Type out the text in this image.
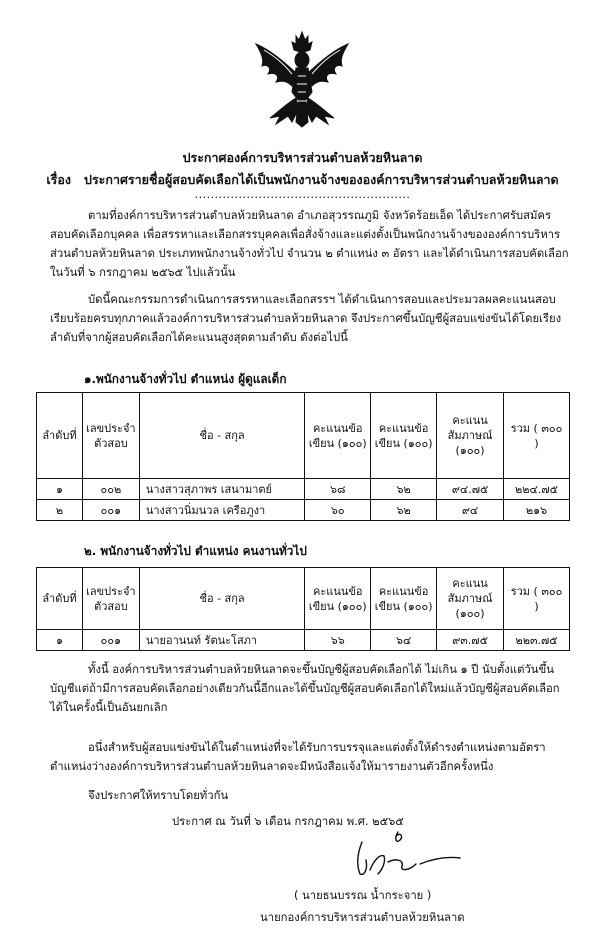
ประกาศองค์การบริหารส่วนตำบลห้วยหินลาด
เรื่อง ประกาศรายชื่อผู้สอบคัดเลือกได้เป็นพนักงานจ้างขององค์การบริหารส่วนตำบลห้วยหินลาด
......................................................

ตามที่องค์การบริหารส่วนตำบลห้วยหินลาด อำเภอสุวรรณภูมิ จังหวัดร้อยเอ็ด ได้ประกาศรับสมัครสอบคัดเลือกบุคคล เพื่อสรรหาและเลือกสรรบุคคลเพื่อสั่งจ้างและแต่งตั้งเป็นพนักงานจ้างขององค์การบริหารส่วนตำบลห้วยหินลาด ประเภทพนักงานจ้างทั่วไป จำนวน ๒ ตำแหน่ง ๓ อัตรา และได้ดำเนินการสอบคัดเลือกในวันที่ ๖ กรกฎาคม ๒๕๖๕ ไปแล้วนั้น

บัดนี้คณะกรรมการดำเนินการสรรหาและเลือกสรรฯ ได้ดำเนินการสอบและประมวลผลคะแนนสอบเรียบร้อยครบทุกภาคแล้วองค์การบริหารส่วนตำบลห้วยหินลาด จึงประกาศขึ้นบัญชีผู้สอบแข่งขันได้โดยเรียงลำดับที่จากผู้สอบคัดเลือกได้คะแนนสูงสุดตามลำดับ ดังต่อไปนี้

๑.พนักงานจ้างทั่วไป ตำแหน่ง ผู้ดูแลเด็ก
ลำดับที่	เลขประจำตัวสอบ	ชื่อ - สกุล	คะแนนข้อเขียน (๑๐๐)	คะแนนข้อเขียน (๑๐๐)	คะแนนสัมภาษณ์ (๑๐๐)	รวม ( ๓๐๐ )
๑	๐๐๒	นางสาวสุภาพร เสนามาตย์	๖๘	๖๒	๙๔.๗๕	๒๒๔.๗๕
๒	๐๐๑	นางสาวนิ่มนวล เครือภูงา	๖๐	๖๒	๙๔	๒๑๖
๒. พนักงานจ้างทั่วไป ตำแหน่ง คนงานทั่วไป
ลำดับที่	เลขประจำตัวสอบ	ชื่อ - สกุล	คะแนนข้อเขียน (๑๐๐)	คะแนนข้อเขียน (๑๐๐)	คะแนนสัมภาษณ์ (๑๐๐)	รวม ( ๓๐๐ )
๑	๐๐๑	นายอานนท์ รัตนะโสภา	๖๖	๖๔	๙๓.๗๕	๒๒๓.๗๕

ทั้งนี้ องค์การบริหารส่วนตำบลห้วยหินลาดจะขึ้นบัญชีผู้สอบคัดเลือกได้ ไม่เกิน ๑ ปี นับตั้งแต่วันขึ้นบัญชีแต่ถ้ามีการสอบคัดเลือกอย่างเดียวกันนี้อีกและได้ขึ้นบัญชีผู้สอบคัดเลือกได้ใหม่แล้วบัญชีผู้สอบคัดเลือกได้ในครั้งนี้เป็นอันยกเลิก

อนึ่งสำหรับผู้สอบแข่งขันได้ในตำแหน่งที่จะได้รับการบรรจุและแต่งตั้งให้ดำรงตำแหน่งตามอัตราตำแหน่งว่างองค์การบริหารส่วนตำบลห้วยหินลาดจะมีหนังสือแจ้งให้มารายงานตัวอีกครั้งหนึ่ง

จึงประกาศให้ทราบโดยทั่วกัน

ประกาศ ณ วันที่ ๖ เดือน กรกฎาคม พ.ศ. ๒๕๖๕
( นายธนบรรณ น้ำกระจาย )
นายกองค์การบริหารส่วนตำบลห้วยหินลาด
